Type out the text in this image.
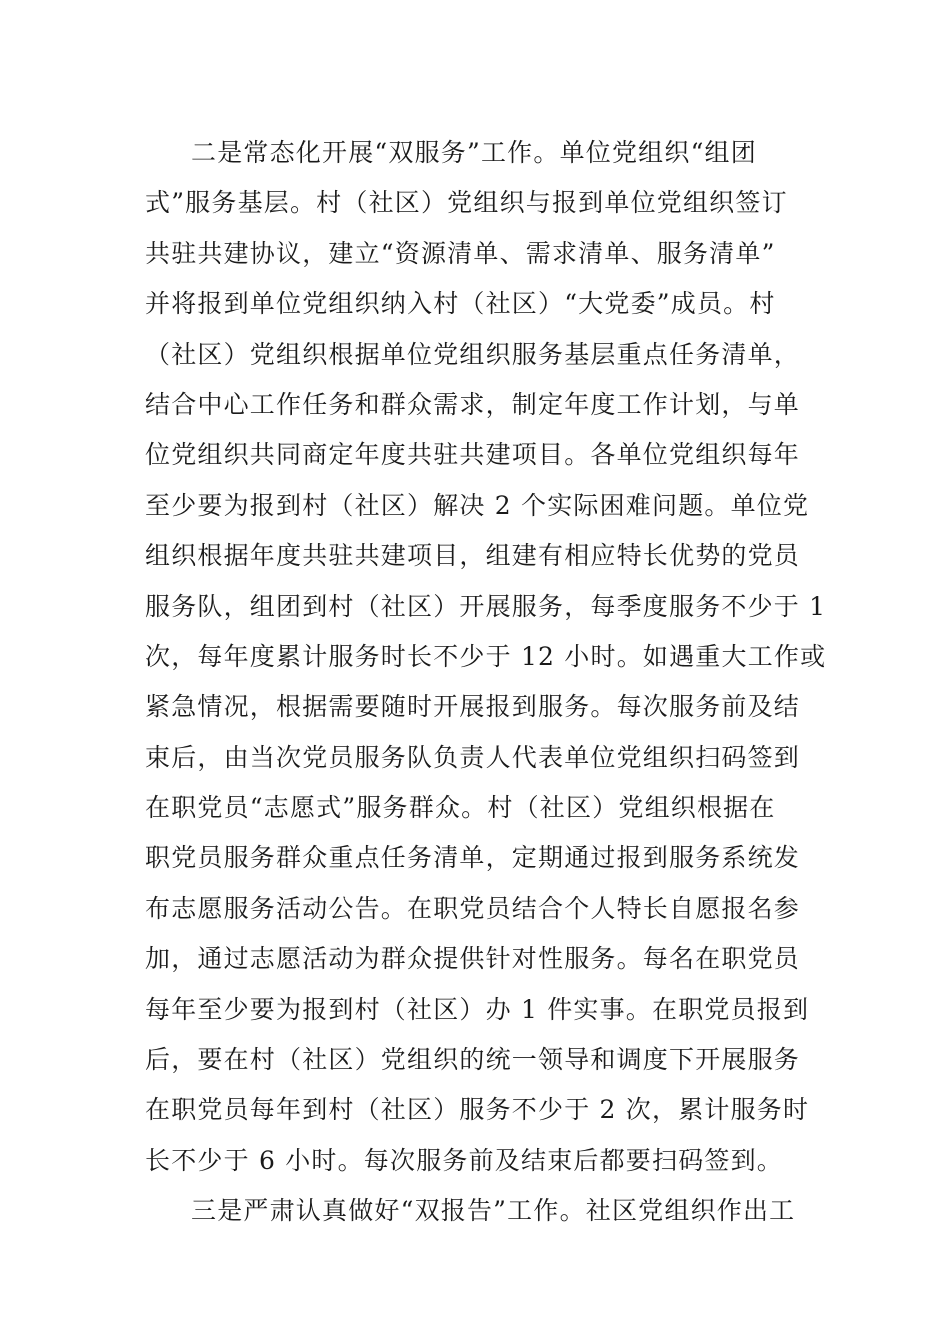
二是常态化开展“双服务”工作。单位党组织“组团
式”服务基层。村（社区）党组织与报到单位党组织签订
共驻共建协议，建立“资源清单、需求清单、服务清单”
并将报到单位党组织纳入村（社区）“大党委”成员。村
（社区）党组织根据单位党组织服务基层重点任务清单，
结合中心工作任务和群众需求，制定年度工作计划，与单
位党组织共同商定年度共驻共建项目。各单位党组织每年
至少要为报到村（社区）解决 2 个实际困难问题。单位党
组织根据年度共驻共建项目，组建有相应特长优势的党员
服务队，组团到村（社区）开展服务，每季度服务不少于 1
次，每年度累计服务时长不少于 12 小时。如遇重大工作或
紧急情况，根据需要随时开展报到服务。每次服务前及结
束后，由当次党员服务队负责人代表单位党组织扫码签到
在职党员“志愿式”服务群众。村（社区）党组织根据在
职党员服务群众重点任务清单，定期通过报到服务系统发
布志愿服务活动公告。在职党员结合个人特长自愿报名参
加，通过志愿活动为群众提供针对性服务。每名在职党员
每年至少要为报到村（社区）办 1 件实事。在职党员报到
后，要在村（社区）党组织的统一领导和调度下开展服务
在职党员每年到村（社区）服务不少于 2 次，累计服务时
长不少于 6 小时。每次服务前及结束后都要扫码签到。
三是严肃认真做好“双报告”工作。社区党组织作出工
